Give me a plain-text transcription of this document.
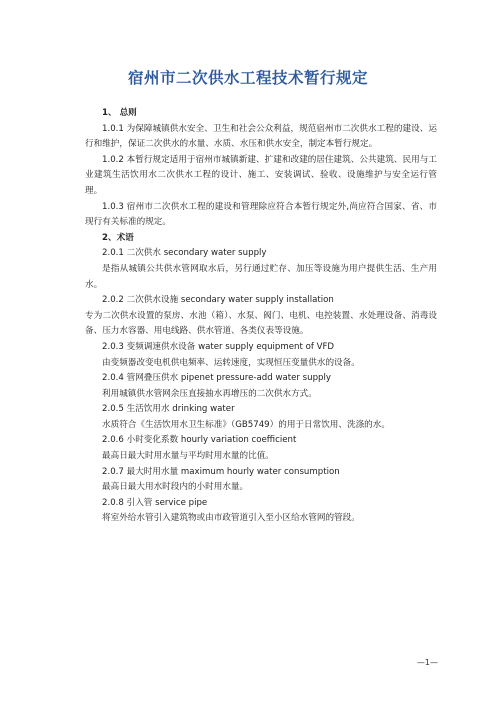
宿州市二次供水工程技术暂行规定

1、 总则

1.0.1 为保障城镇供水安全、卫生和社会公众利益，规范宿州市二次供水工程的建设、运行和维护，保证二次供水的水量、水质、水压和供水安全，制定本暂行规定。

1.0.2 本暂行规定适用于宿州市城镇新建、扩建和改建的居住建筑、公共建筑、民用与工业建筑生活饮用水二次供水工程的设计、施工、安装调试、验收、设施维护与安全运行管理。

1.0.3 宿州市二次供水工程的建设和管理除应符合本暂行规定外,尚应符合国家、省、市现行有关标准的规定。

2、术语

2.0.1 二次供水 secondary water supply

是指从城镇公共供水管网取水后，另行通过贮存、加压等设施为用户提供生活、生产用水。

2.0.2 二次供水设施 secondary water supply installation

专为二次供水设置的泵房、水池（箱）、水泵、阀门、电机、电控装置、水处理设备、消毒设备、压力水容器、用电线路、供水管道、各类仪表等设施。

2.0.3 变频调速供水设备 water supply equipment of VFD

由变频器改变电机供电频率、运转速度，实现恒压变量供水的设备。

2.0.4 管网叠压供水 pipenet pressure-add water supply

利用城镇供水管网余压直接抽水再增压的二次供水方式。

2.0.5 生活饮用水 drinking water

水质符合《生活饮用水卫生标准》（GB5749）的用于日常饮用、洗涤的水。

2.0.6 小时变化系数 hourly variation coefficient

最高日最大时用水量与平均时用水量的比值。

2.0.7 最大时用水量 maximum hourly water consumption

最高日最大用水时段内的小时用水量。

2.0.8 引入管 service pipe

将室外给水管引入建筑物或由市政管道引入至小区给水管网的管段。

—1—
